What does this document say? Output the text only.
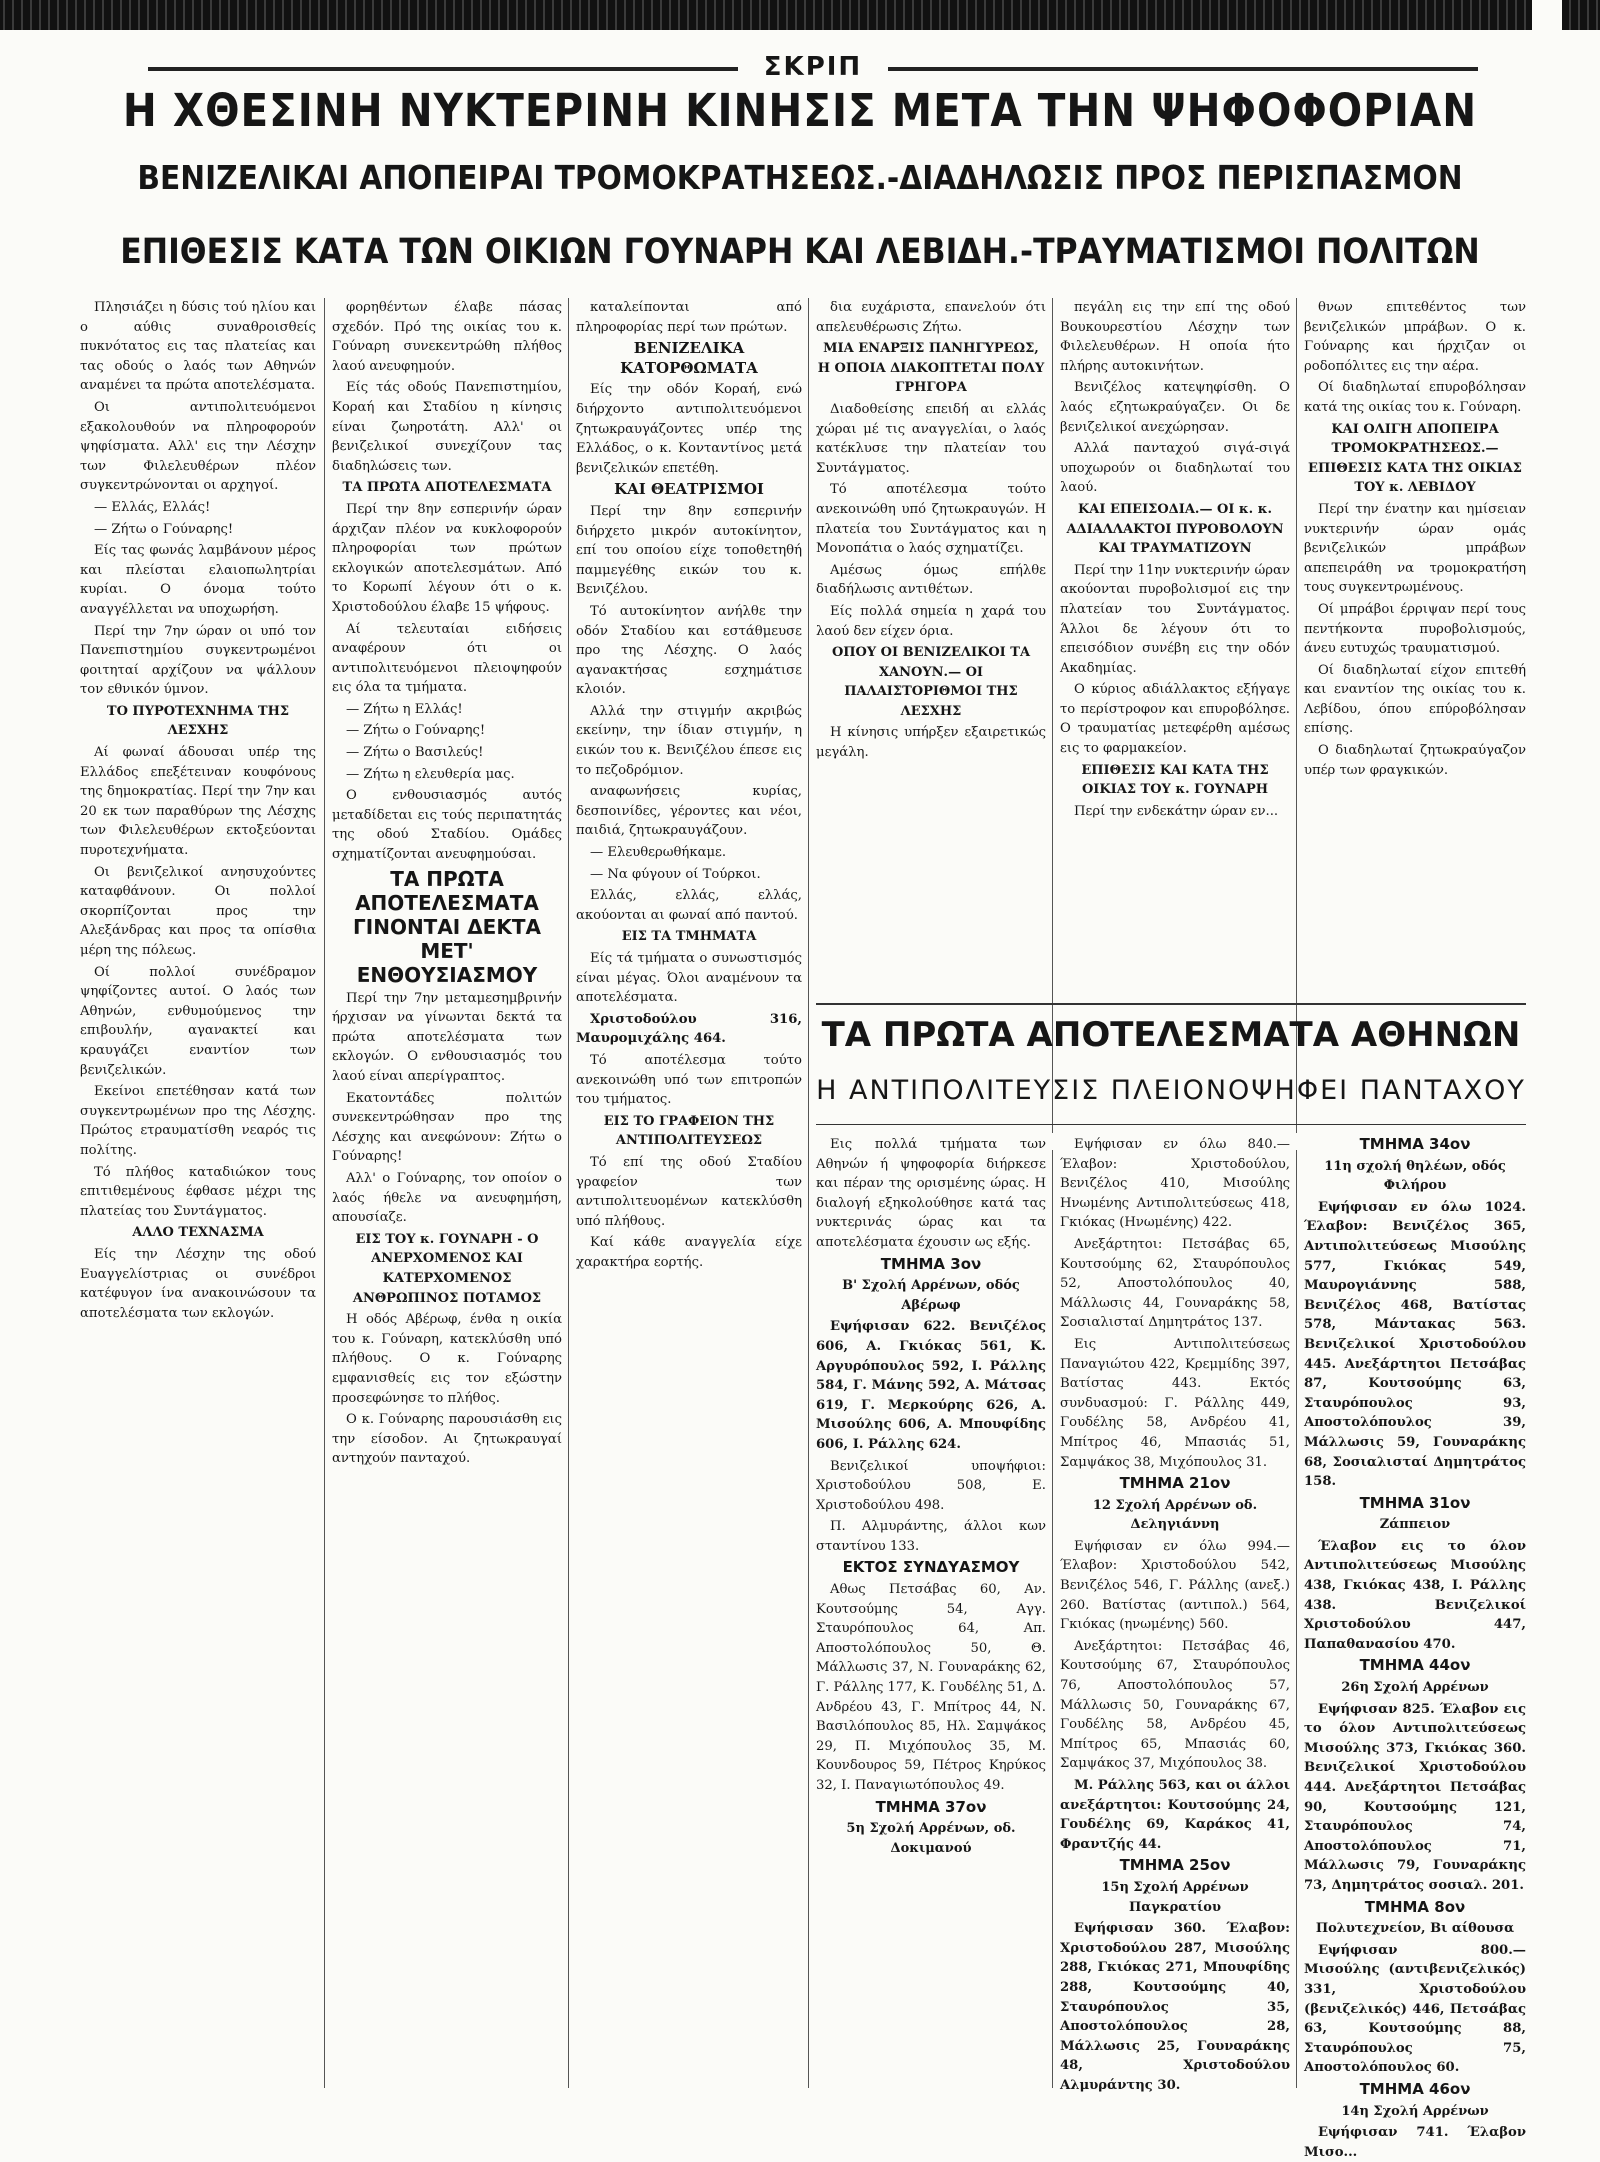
ΣΚΡΙΠ
Η ΧΘΕΣΙΝΗ ΝΥΚΤΕΡΙΝΗ ΚΙΝΗΣΙΣ ΜΕΤΑ ΤΗΝ ΨΗΦΟΦΟΡΙΑΝ
ΒΕΝΙΖΕΛΙΚΑΙ ΑΠΟΠΕΙΡΑΙ ΤΡΟΜΟΚΡΑΤΗΣΕΩΣ.-ΔΙΑΔΗΛΩΣΙΣ ΠΡΟΣ ΠΕΡΙΣΠΑΣΜΟΝ
ΕΠΙΘΕΣΙΣ ΚΑΤΑ ΤΩΝ ΟΙΚΙΩΝ ΓΟΥΝΑΡΗ ΚΑΙ ΛΕΒΙΔΗ.-ΤΡΑΥΜΑΤΙΣΜΟΙ ΠΟΛΙΤΩΝ

Πλησιάζει η δύσις τού ηλίου και ο αύθις συναθροισθείς πυκνότατος εις τας πλατείας και τας οδούς ο λαός των Αθηνών αναμένει τα πρώτα αποτελέσματα.

Οι αντιπολιτευόμενοι εξακολουθούν να πληροφορούν ψηφίσματα. Αλλ' εις την Λέσχην των Φιλελευθέρων πλέον συγκεντρώνονται οι αρχηγοί.

— Ελλάς, Ελλάς!

— Ζήτω ο Γούναρης!

Είς τας φωνάς λαμβάνουν μέρος και πλείσται ελαιοπωλητρίαι κυρίαι. Ο όνομα τούτο αναγγέλλεται να υποχωρήση.

Περί την 7ην ώραν οι υπό τον Πανεπιστημίου συγκεντρωμένοι φοιτηταί αρχίζουν να ψάλλουν τον εθνικόν ύμνον.

ΤΟ ΠΥΡΟΤΕΧΝΗΜΑ ΤΗΣ ΛΕΣΧΗΣ

Αί φωναί άδουσαι υπέρ της Ελλάδος επεξέτειναν κουφόνους της δημοκρατίας. Περί την 7ην και 20 εκ των παραθύρων της Λέσχης των Φιλελευθέρων εκτοξεύονται πυροτεχνήματα.

Οι βενιζελικοί ανησυχούντες καταφθάνουν. Οι πολλοί σκορπίζονται προς την Αλεξάνδρας και προς τα οπίσθια μέρη της πόλεως.

Οί πολλοί συνέδραμον ψηφίζοντες αυτοί. Ο λαός των Αθηνών, ενθυμούμενος την επιβουλήν, αγανακτεί και κραυγάζει εναντίον των βενιζελικών.

Εκείνοι επετέθησαν κατά των συγκεντρωμένων προ της Λέσχης. Πρώτος ετραυματίσθη νεαρός τις πολίτης.

Τό πλήθος καταδιώκον τους επιτιθεμένους έφθασε μέχρι της πλατείας του Συντάγματος.

ΑΛΛΟ ΤΕΧΝΑΣΜΑ

Είς την Λέσχην της οδού Ευαγγελίστριας οι συνέδροι κατέφυγον ίνα ανακοινώσουν τα αποτελέσματα των εκλογών.

φορηθέντων έλαβε πάσας σχεδόν. Πρό της οικίας του κ. Γούναρη συνεκεντρώθη πλήθος λαού ανευφημούν.

Είς τάς οδούς Πανεπιστημίου, Κοραή και Σταδίου η κίνησις είναι ζωηροτάτη. Αλλ' οι βενιζελικοί συνεχίζουν τας διαδηλώσεις των.

ΤΑ ΠΡΩΤΑ ΑΠΟΤΕΛΕΣΜΑΤΑ

Περί την 8ην εσπερινήν ώραν άρχιζαν πλέον να κυκλοφορούν πληροφορίαι των πρώτων εκλογικών αποτελεσμάτων. Από το Κορωπί λέγουν ότι ο κ. Χριστοδούλου έλαβε 15 ψήφους.

Αί τελευταίαι ειδήσεις αναφέρουν ότι οι αντιπολιτευόμενοι πλειοψηφούν εις όλα τα τμήματα.

— Ζήτω η Ελλάς!

— Ζήτω ο Γούναρης!

— Ζήτω ο Βασιλεύς!

— Ζήτω η ελευθερία μας.

Ο ενθουσιασμός αυτός μεταδίδεται εις τούς περιπατητάς της οδού Σταδίου. Ομάδες σχηματίζονται ανευφημούσαι.

ΤΑ ΠΡΩΤΑ ΑΠΟΤΕΛΕΣΜΑΤΑ ΓΙΝΟΝΤΑΙ ΔΕΚΤΑ ΜΕΤ' ΕΝΘΟΥΣΙΑΣΜΟΥ

Περί την 7ην μεταμεσημβρινήν ήρχισαν να γίνωνται δεκτά τα πρώτα αποτελέσματα των εκλογών. Ο ενθουσιασμός του λαού είναι απερίγραπτος.

Εκατοντάδες πολιτών συνεκεντρώθησαν προ της Λέσχης και ανεφώνουν: Ζήτω ο Γούναρης!

Αλλ' ο Γούναρης, τον οποίον ο λαός ήθελε να ανευφημήση, απουσίαζε.

ΕΙΣ ΤΟΥ κ. ΓΟΥΝΑΡΗ - Ο ΑΝΕΡΧΟΜΕΝΟΣ ΚΑΙ ΚΑΤΕΡΧΟΜΕΝΟΣ ΑΝΘΡΩΠΙΝΟΣ ΠΟΤΑΜΟΣ

Η οδός Αβέρωφ, ένθα η οικία του κ. Γούναρη, κατεκλύσθη υπό πλήθους. Ο κ. Γούναρης εμφανισθείς εις τον εξώστην προσεφώνησε το πλήθος.

Ο κ. Γούναρης παρουσιάσθη εις την είσοδον. Αι ζητωκραυγαί αντηχούν πανταχού.

καταλείπονται από πληροφορίας περί των πρώτων.

ΒΕΝΙΖΕΛΙΚΑ ΚΑΤΟΡΘΩΜΑΤΑ

Είς την οδόν Κοραή, ενώ διήρχοντο αντιπολιτευόμενοι ζητωκραυγάζοντες υπέρ της Ελλάδος, ο κ. Κονταντίνος μετά βενιζελικών επετέθη.

ΚΑΙ ΘΕΑΤΡΙΣΜΟΙ

Περί την 8ην εσπερινήν διήρχετο μικρόν αυτοκίνητον, επί του οποίου είχε τοποθετηθή παμμεγέθης εικών του κ. Βενιζέλου.

Τό αυτοκίνητον ανήλθε την οδόν Σταδίου και εστάθμευσε προ της Λέσχης. Ο λαός αγανακτήσας εσχημάτισε κλοιόν.

Αλλά την στιγμήν ακριβώς εκείνην, την ίδιαν στιγμήν, η εικών του κ. Βενιζέλου έπεσε εις το πεζοδρόμιον.

αναφωνήσεις κυρίας, δεσποινίδες, γέροντες και νέοι, παιδιά, ζητωκραυγάζουν.

— Ελευθερωθήκαμε.

— Να φύγουν οί Τούρκοι.

Ελλάς, ελλάς, ελλάς, ακούονται αι φωναί από παντού.

ΕΙΣ ΤΑ ΤΜΗΜΑΤΑ

Είς τά τμήματα ο συνωστισμός είναι μέγας. Όλοι αναμένουν τα αποτελέσματα.

Χριστοδούλου 316, Μαυρομιχάλης 464.

Τό αποτέλεσμα τούτο ανεκοινώθη υπό των επιτροπών του τμήματος.

ΕΙΣ ΤΟ ΓΡΑΦΕΙΟΝ ΤΗΣ ΑΝΤΙΠΟΛΙΤΕΥΣΕΩΣ

Τό επί της οδού Σταδίου γραφείον των αντιπολιτευομένων κατεκλύσθη υπό πλήθους.

Καί κάθε αναγγελία είχε χαρακτήρα εορτής.

δια ευχάριστα, επανελούν ότι απελευθέρωσις Ζήτω.

ΜΙΑ ΕΝΑΡΞΙΣ ΠΑΝΗΓΥΡΕΩΣ, Η ΟΠΟΙΑ ΔΙΑΚΟΠΤΕΤΑΙ ΠΟΛΥ ΓΡΗΓΟΡΑ

Διαδοθείσης επειδή αι ελλάς χώραι μέ τις αναγγελίαι, ο λαός κατέκλυσε την πλατείαν του Συντάγματος.

Τό αποτέλεσμα τούτο ανεκοινώθη υπό ζητωκραυγών. Η πλατεία του Συντάγματος και η Μονοπάτια ο λαός σχηματίζει.

Αμέσως όμως επήλθε διαδήλωσις αντιθέτων.

Είς πολλά σημεία η χαρά του λαού δεν είχεν όρια.

ΟΠΟΥ ΟΙ ΒΕΝΙΖΕΛΙΚΟΙ ΤΑ ΧΑΝΟΥΝ.— ΟΙ ΠΑΛΑΙΣΤΟΡΙΘΜΟΙ ΤΗΣ ΛΕΣΧΗΣ

Η κίνησις υπήρξεν εξαιρετικώς μεγάλη.

πεγάλη εις την επί της οδού Βουκουρεστίου Λέσχην των Φιλελευθέρων. Η οποία ήτο πλήρης αυτοκινήτων.

Βενιζέλος κατεψηφίσθη. Ο λαός εζητωκραύγαζεν. Οι δε βενιζελικοί ανεχώρησαν.

Αλλά πανταχού σιγά-σιγά υποχωρούν οι διαδηλωταί του λαού.

ΚΑΙ ΕΠΕΙΣΟΔΙΑ.— ΟΙ κ. κ. ΑΔΙΑΛΛΑΚΤΟΙ ΠΥΡΟΒΟΛΟΥΝ ΚΑΙ ΤΡΑΥΜΑΤΙΖΟΥΝ

Περί την 11ην νυκτερινήν ώραν ακούονται πυροβολισμοί εις την πλατείαν του Συντάγματος. Άλλοι δε λέγουν ότι το επεισόδιον συνέβη εις την οδόν Ακαδημίας.

Ο κύριος αδιάλλακτος εξήγαγε το περίστροφον και επυροβόλησε. Ο τραυματίας μετεφέρθη αμέσως εις το φαρμακείον.

ΕΠΙΘΕΣΙΣ ΚΑΙ ΚΑΤΑ ΤΗΣ ΟΙΚΙΑΣ ΤΟΥ κ. ΓΟΥΝΑΡΗ

Περί την ενδεκάτην ώραν εν...

θνων επιτεθέντος των βενιζελικών μπράβων. Ο κ. Γούναρης και ήρχιζαν οι ροδοπόλιτες εις την αέρα.

Οί διαδηλωταί επυροβόλησαν κατά της οικίας του κ. Γούναρη.

ΚΑΙ ΟΛΙΓΗ ΑΠΟΠΕΙΡΑ ΤΡΟΜΟΚΡΑΤΗΣΕΩΣ.— ΕΠΙΘΕΣΙΣ ΚΑΤΑ ΤΗΣ ΟΙΚΙΑΣ ΤΟΥ κ. ΛΕΒΙΔΟΥ

Περί την ένατην και ημίσειαν νυκτερινήν ώραν ομάς βενιζελικών μπράβων απεπειράθη να τρομοκρατήση τους συγκεντρωμένους.

Οί μπράβοι έρριψαν περί τους πεντήκοντα πυροβολισμούς, άνευ ευτυχώς τραυματισμού.

Οί διαδηλωταί είχον επιτεθή και εναντίον της οικίας του κ. Λεβίδου, όπου επύροβόλησαν επίσης.

Ο διαδηλωταί ζητωκραύγαζον υπέρ των φραγκικών.

ΤΑ ΠΡΩΤΑ ΑΠΟΤΕΛΕΣΜΑΤΑ ΑΘΗΝΩΝ
Η ΑΝΤΙΠΟΛΙΤΕΥΣΙΣ ΠΛΕΙΟΝΟΨΗΦΕΙ ΠΑΝΤΑΧΟΥ

Εις πολλά τμήματα των Αθηνών ή ψηφοφορία διήρκεσε και πέραν της ορισμένης ώρας. Η διαλογή εξηκολούθησε κατά τας νυκτερινάς ώρας και τα αποτελέσματα έχουσιν ως εξής.

ΤΜΗΜΑ 3ον

Β' Σχολή Αρρένων, οδός Αβέρωφ

Εψήφισαν 622. Βενιζέλος 606, Α. Γκιόκας 561, Κ. Αργυρόπουλος 592, Ι. Ράλλης 584, Γ. Μάνης 592, Α. Μάτσας 619, Γ. Μερκούρης 626, Α. Μισούλης 606, Α. Μπουφίδης 606, Ι. Ράλλης 624.

Βενιζελικοί υποψήφιοι: Χριστοδούλου 508, Ε. Χριστοδούλου 498.

Π. Αλμυράντης, άλλοι κων σταντίνου 133.

ΕΚΤΟΣ ΣΥΝΔΥΑΣΜΟΥ

Αθως Πετσάβας 60, Αν. Κουτσούμης 54, Αγγ. Σταυρόπουλος 64, Απ. Αποστολόπουλος 50, Θ. Μάλλωσις 37, Ν. Γουναράκης 62, Γ. Ράλλης 177, Κ. Γουδέλης 51, Δ. Ανδρέου 43, Γ. Μπίτρος 44, Ν. Βασιλόπουλος 85, Ηλ. Σαμψάκος 29, Π. Μιχόπουλος 35, Μ. Κουνδουρος 59, Πέτρος Κηρύκος 32, Ι. Παναγιωτόπουλος 49.

ΤΜΗΜΑ 37ον

5η Σχολή Αρρένων, οδ. Δοκιμανού

Εψήφισαν εν όλω 840.— Έλαβον: Χριστοδούλου, Βενιζέλος 410, Μισούλης Ηνωμένης Αντιπολιτεύσεως 418, Γκιόκας (Ηνωμένης) 422.

Ανεξάρτητοι: Πετσάβας 65, Κουτσούμης 62, Σταυρόπουλος 52, Αποστολόπουλος 40, Μάλλωσις 44, Γουναράκης 58, Σοσιαλισταί Δημητράτος 137.

Εις Αντιπολιτεύσεως Παναγιώτου 422, Κρεμμίδης 397, Βατίστας 443. Εκτός συνδυασμού: Γ. Ράλλης 449, Γουδέλης 58, Ανδρέου 41, Μπίτρος 46, Μπασιάς 51, Σαμψάκος 38, Μιχόπουλος 31.

ΤΜΗΜΑ 21ον

12 Σχολή Αρρένων οδ. Δεληγιάννη

Εψήφισαν εν όλω 994.— Έλαβον: Χριστοδούλου 542, Βενιζέλος 546, Γ. Ράλλης (ανεξ.) 260. Βατίστας (αντιπολ.) 564, Γκιόκας (ηνωμένης) 560.

Ανεξάρτητοι: Πετσάβας 46, Κουτσούμης 67, Σταυρόπουλος 76, Αποστολόπουλος 57, Μάλλωσις 50, Γουναράκης 67, Γουδέλης 58, Ανδρέου 45, Μπίτρος 65, Μπασιάς 60, Σαμψάκος 37, Μιχόπουλος 38.

Μ. Ράλλης 563, και οι άλλοι ανεξάρτητοι: Κουτσούμης 24, Γουδέλης 69, Καράκος 41, Φραντζής 44.

ΤΜΗΜΑ 25ον

15η Σχολή Αρρένων Παγκρατίου

Εψήφισαν 360. Έλαβον: Χριστοδούλου 287, Μισούλης 288, Γκιόκας 271, Μπουφίδης 288, Κουτσούμης 40, Σταυρόπουλος 35, Αποστολόπουλος 28, Μάλλωσις 25, Γουναράκης 48, Χριστοδούλου Αλμυράντης 30.

ΤΜΗΜΑ 34ον

11η σχολή θηλέων, οδός Φιλήρου

Εψήφισαν εν όλω 1024. Έλαβον: Βενιζέλος 365, Αντιπολιτεύσεως Μισούλης 577, Γκιόκας 549, Μαυρογιάννης 588, Βενιζέλος 468, Βατίστας 578, Μάντακας 563. Βενιζελικοί Χριστοδούλου 445. Ανεξάρτητοι Πετσάβας 87, Κουτσούμης 63, Σταυρόπουλος 93, Αποστολόπουλος 39, Μάλλωσις 59, Γουναράκης 68, Σοσιαλισταί Δημητράτος 158.

ΤΜΗΜΑ 31ον

Ζάππειον

Έλαβον εις το όλον Αντιπολιτεύσεως Μισούλης 438, Γκιόκας 438, Ι. Ράλλης 438. Βενιζελικοί Χριστοδούλου 447, Παπαθανασίου 470.

ΤΜΗΜΑ 44ον

26η Σχολή Αρρένων

Εψήφισαν 825. Έλαβον εις το όλον Αντιπολιτεύσεως Μισούλης 373, Γκιόκας 360. Βενιζελικοί Χριστοδούλου 444. Ανεξάρτητοι Πετσάβας 90, Κουτσούμης 121, Σταυρόπουλος 74, Αποστολόπουλος 71, Μάλλωσις 79, Γουναράκης 73, Δημητράτος σοσιαλ. 201.

ΤΜΗΜΑ 8ον

Πολυτεχνείον, Βι αίθουσα

Εψήφισαν 800.— Μισούλης (αντιβενιζελικός) 331, Χριστοδούλου (βενιζελικός) 446, Πετσάβας 63, Κουτσούμης 88, Σταυρόπουλος 75, Αποστολόπουλος 60.

ΤΜΗΜΑ 46ον

14η Σχολή Αρρένων

Εψήφισαν 741. Έλαβον Μισο...
